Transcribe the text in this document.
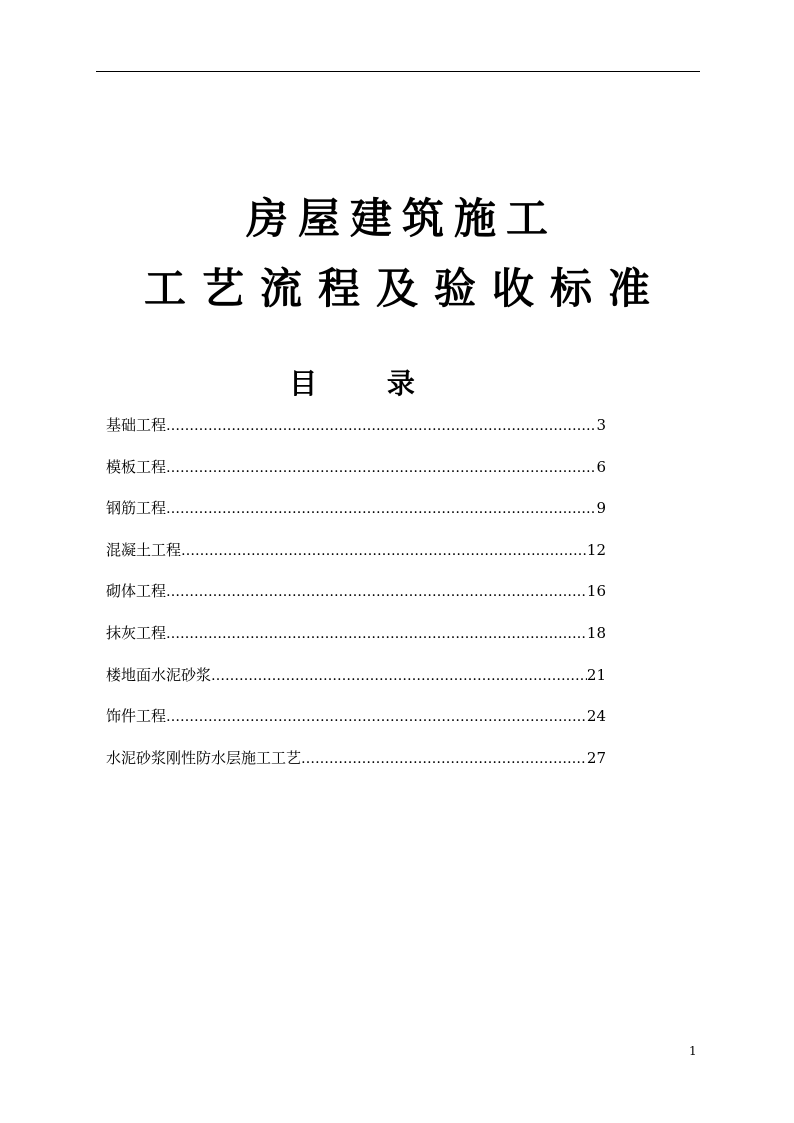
房屋建筑施工
工艺流程及验收标准
目 录
基础工程 …………………………………………………………………………………………………………………………………………………………	3
模板工程 …………………………………………………………………………………………………………………………………………………………	6
钢筋工程 …………………………………………………………………………………………………………………………………………………………	9
混凝土工程 …………………………………………………………………………………………………………………………………………………………	12
砌体工程 …………………………………………………………………………………………………………………………………………………………	16
抹灰工程 …………………………………………………………………………………………………………………………………………………………	18
楼地面水泥砂浆 …………………………………………………………………………………………………………………………………………………………	21
饰件工程 …………………………………………………………………………………………………………………………………………………………	24
水泥砂浆刚性防水层施工工艺 …………………………………………………………………………………………………………………………………………………………	27
1
